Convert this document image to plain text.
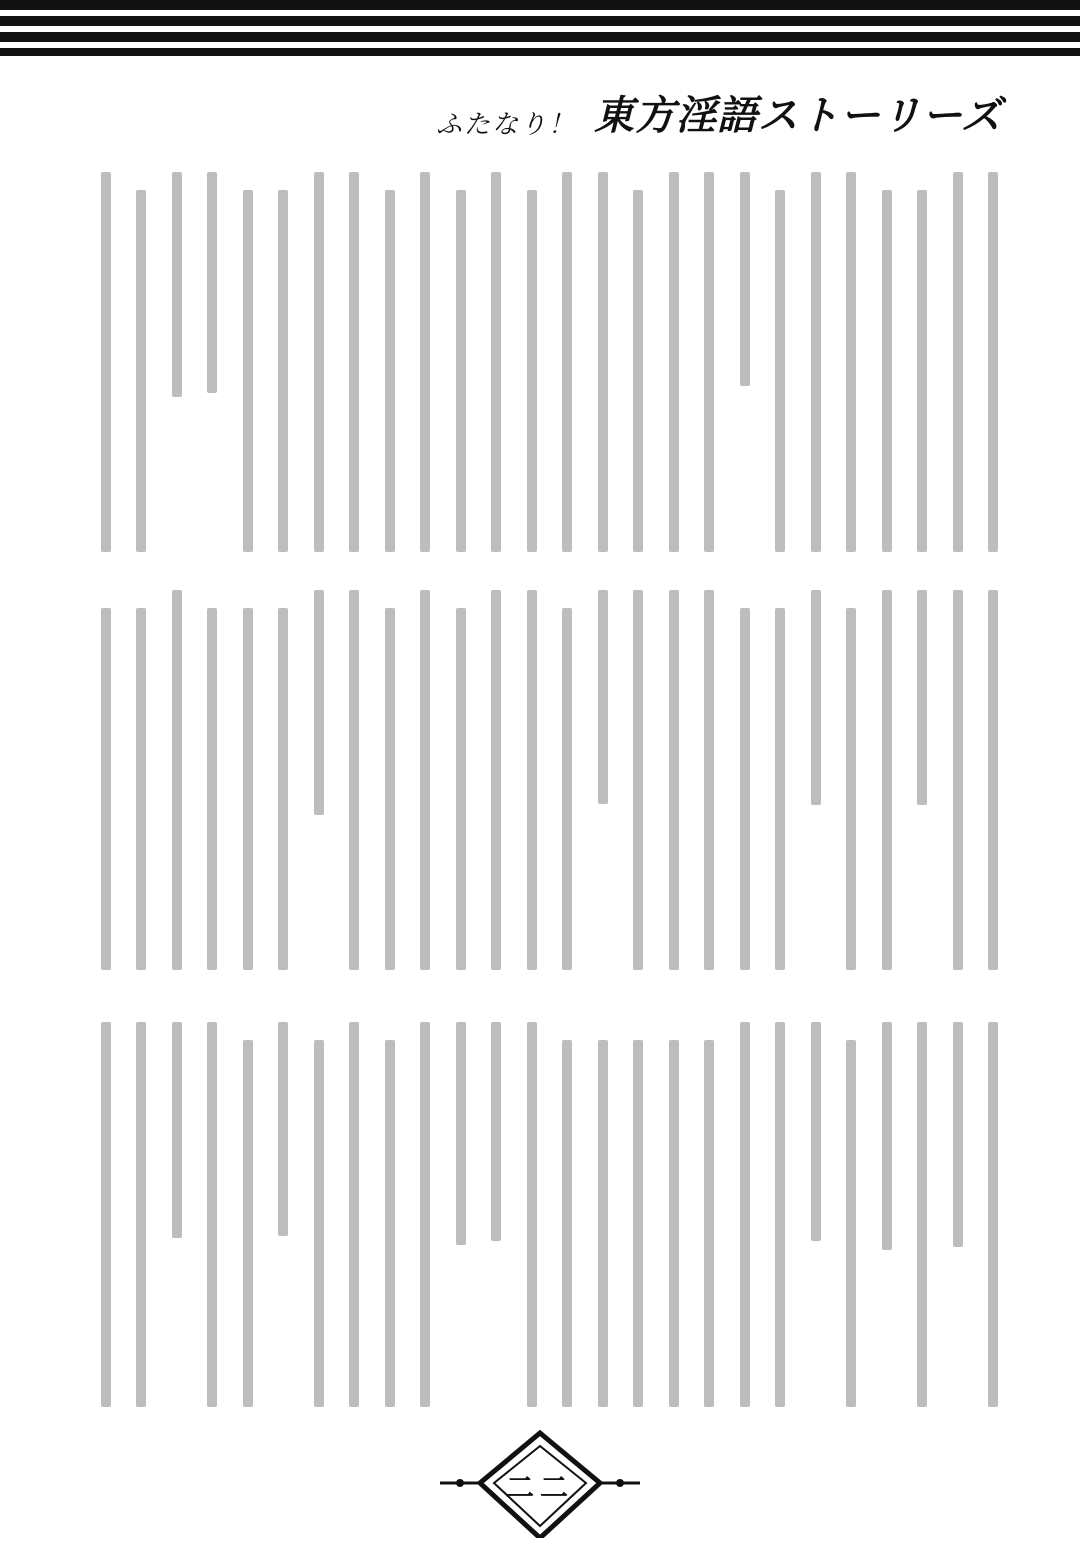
ふたなり！ 東方淫語ストーリーズ
二二
